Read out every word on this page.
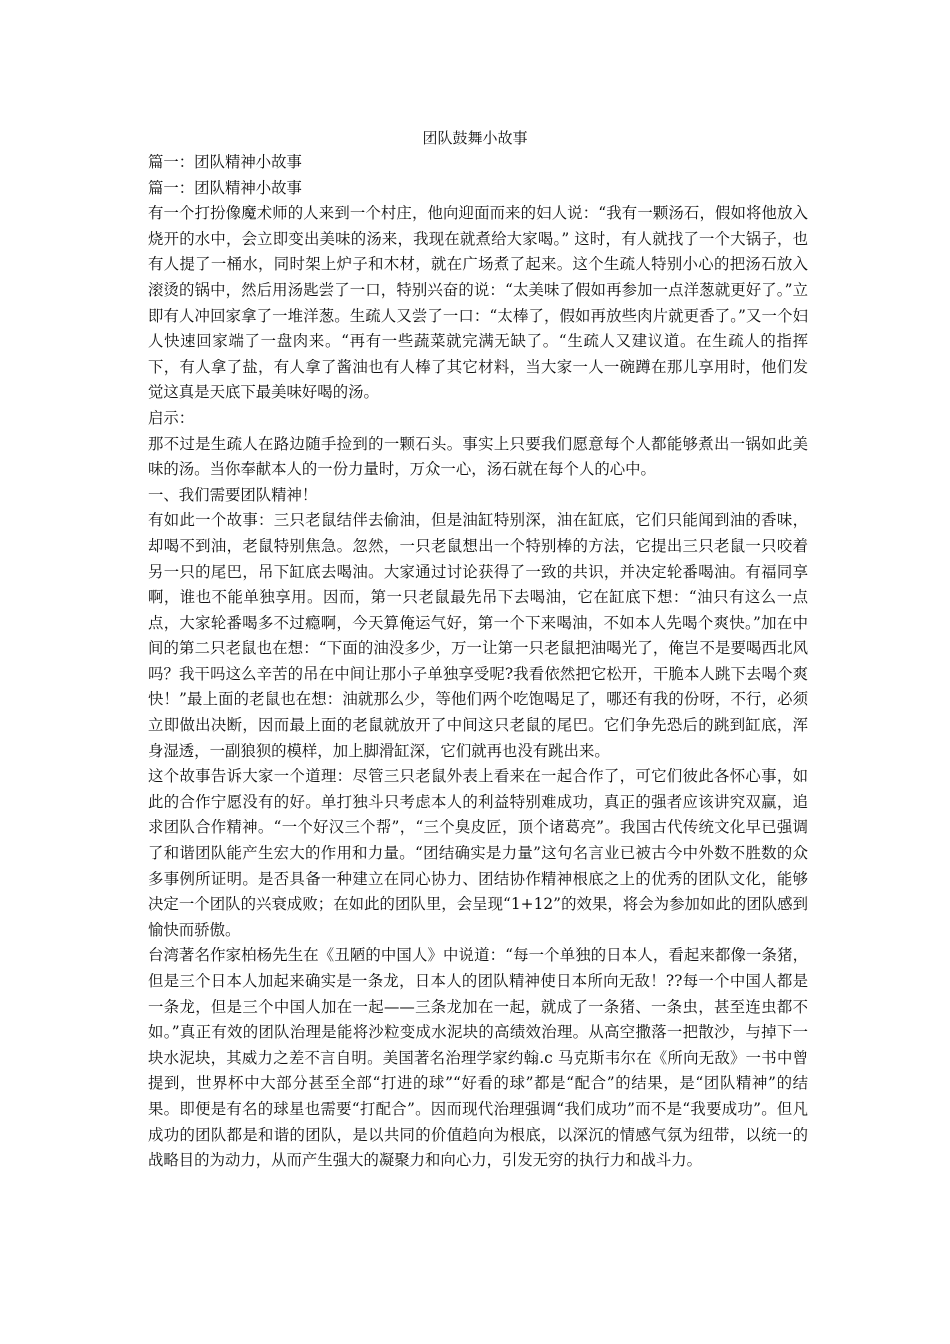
团队鼓舞小故事

篇一：团队精神小故事

篇一：团队精神小故事

有一个打扮像魔术师的人来到一个村庄，他向迎面而来的妇人说：“我有一颗汤石，假如将他放入烧开的水中，会立即变出美味的汤来，我现在就煮给大家喝。” 这时，有人就找了一个大锅子，也有人提了一桶水，同时架上炉子和木材，就在广场煮了起来。这个生疏人特别小心的把汤石放入滚烫的锅中，然后用汤匙尝了一口，特别兴奋的说：“太美味了假如再参加一点洋葱就更好了。”立即有人冲回家拿了一堆洋葱。生疏人又尝了一口：“太棒了，假如再放些肉片就更香了。”又一个妇人快速回家端了一盘肉来。“再有一些蔬菜就完满无缺了。“生疏人又建议道。在生疏人的指挥下，有人拿了盐，有人拿了酱油也有人棒了其它材料，当大家一人一碗蹲在那儿享用时，他们发觉这真是天底下最美味好喝的汤。

启示：

那不过是生疏人在路边随手捡到的一颗石头。事实上只要我们愿意每个人都能够煮出一锅如此美味的汤。当你奉献本人的一份力量时，万众一心，汤石就在每个人的心中。

一、我们需要团队精神！

有如此一个故事：三只老鼠结伴去偷油，但是油缸特别深，油在缸底，它们只能闻到油的香味，却喝不到油，老鼠特别焦急。忽然，一只老鼠想出一个特别棒的方法，它提出三只老鼠一只咬着另一只的尾巴，吊下缸底去喝油。大家通过讨论获得了一致的共识，并决定轮番喝油。有福同享啊，谁也不能单独享用。因而，第一只老鼠最先吊下去喝油，它在缸底下想：“油只有这么一点点，大家轮番喝多不过瘾啊，今天算俺运气好，第一个下来喝油，不如本人先喝个爽快。”加在中间的第二只老鼠也在想：“下面的油没多少，万一让第一只老鼠把油喝光了，俺岂不是要喝西北风吗？我干吗这么辛苦的吊在中间让那小子单独享受呢?我看依然把它松开，干脆本人跳下去喝个爽快！”最上面的老鼠也在想：油就那么少，等他们两个吃饱喝足了，哪还有我的份呀，不行，必须立即做出决断，因而最上面的老鼠就放开了中间这只老鼠的尾巴。它们争先恐后的跳到缸底，浑身湿透，一副狼狈的模样，加上脚滑缸深，它们就再也没有跳出来。

这个故事告诉大家一个道理：尽管三只老鼠外表上看来在一起合作了，可它们彼此各怀心事，如此的合作宁愿没有的好。单打独斗只考虑本人的利益特别难成功，真正的强者应该讲究双赢，追求团队合作精神。“一个好汉三个帮”，“三个臭皮匠，顶个诸葛亮”。我国古代传统文化早已强调了和谐团队能产生宏大的作用和力量。“团结确实是力量”这句名言业已被古今中外数不胜数的众多事例所证明。是否具备一种建立在同心协力、团结协作精神根底之上的优秀的团队文化，能够决定一个团队的兴衰成败；在如此的团队里，会呈现“1+12”的效果，将会为参加如此的团队感到愉快而骄傲。

台湾著名作家柏杨先生在《丑陋的中国人》中说道：“每一个单独的日本人，看起来都像一条猪，但是三个日本人加起来确实是一条龙，日本人的团队精神使日本所向无敌！??每一个中国人都是一条龙，但是三个中国人加在一起——三条龙加在一起，就成了一条猪、一条虫，甚至连虫都不如。”真正有效的团队治理是能将沙粒变成水泥块的高绩效治理。从高空撒落一把散沙，与掉下一块水泥块，其威力之差不言自明。美国著名治理学家约翰.c 马克斯韦尔在《所向无敌》一书中曾提到，世界杯中大部分甚至全部“打进的球”“好看的球”都是“配合”的结果，是“团队精神”的结果。即便是有名的球星也需要“打配合”。因而现代治理强调“我们成功”而不是“我要成功”。但凡成功的团队都是和谐的团队，是以共同的价值趋向为根底，以深沉的情感气氛为纽带，以统一的战略目的为动力，从而产生强大的凝聚力和向心力，引发无穷的执行力和战斗力。
